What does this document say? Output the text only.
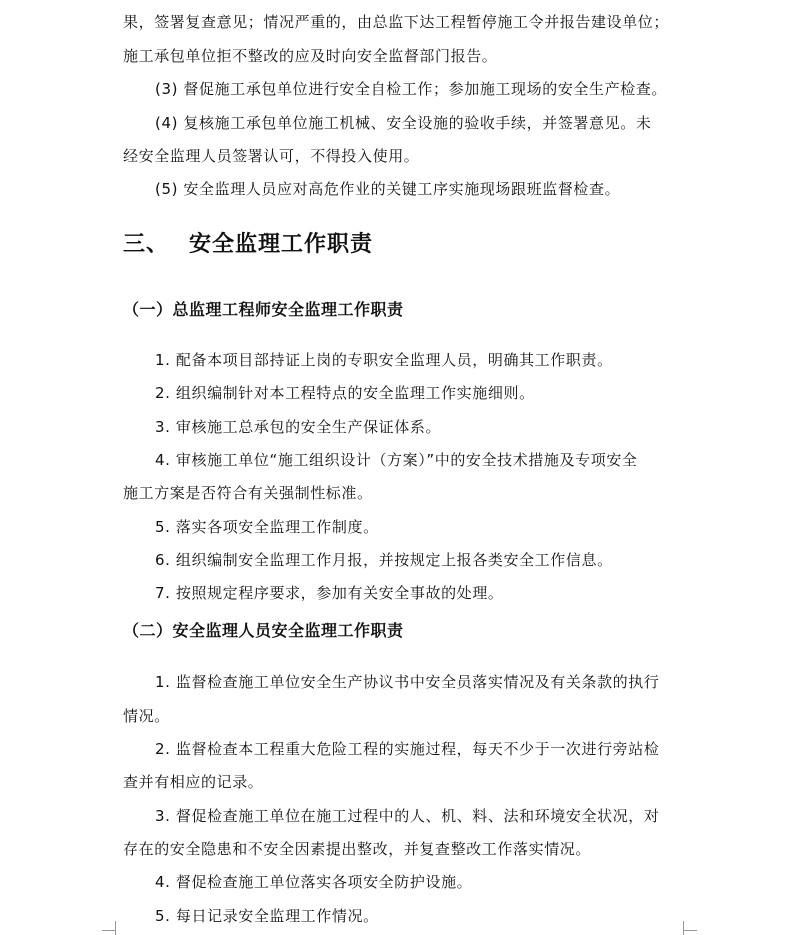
果，签署复查意见；情况严重的，由总监下达工程暂停施工令并报告建设单位；
施工承包单位拒不整改的应及时向安全监督部门报告。
(3) 督促施工承包单位进行安全自检工作；参加施工现场的安全生产检查。
(4) 复核施工承包单位施工机械、安全设施的验收手续，并签署意见。未
经安全监理人员签署认可，不得投入使用。
(5) 安全监理人员应对高危作业的关键工序实施现场跟班监督检查。
三、 安全监理工作职责
（一）总监理工程师安全监理工作职责
1. 配备本项目部持证上岗的专职安全监理人员，明确其工作职责。
2. 组织编制针对本工程特点的安全监理工作实施细则。
3. 审核施工总承包的安全生产保证体系。
4. 审核施工单位“施工组织设计（方案）”中的安全技术措施及专项安全
施工方案是否符合有关强制性标准。
5. 落实各项安全监理工作制度。
6. 组织编制安全监理工作月报，并按规定上报各类安全工作信息。
7. 按照规定程序要求，参加有关安全事故的处理。
（二）安全监理人员安全监理工作职责
1. 监督检查施工单位安全生产协议书中安全员落实情况及有关条款的执行
情况。
2. 监督检查本工程重大危险工程的实施过程，每天不少于一次进行旁站检
查并有相应的记录。
3. 督促检查施工单位在施工过程中的人、机、料、法和环境安全状况，对
存在的安全隐患和不安全因素提出整改，并复查整改工作落实情况。
4. 督促检查施工单位落实各项安全防护设施。
5. 每日记录安全监理工作情况。
